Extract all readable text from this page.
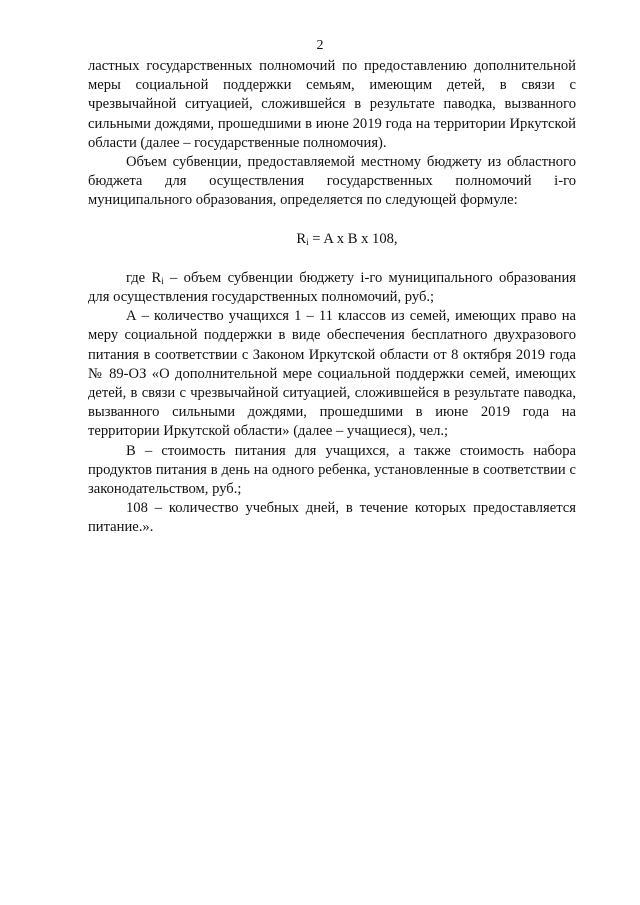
2

ластных государственных полномочий по предоставлению дополнительной меры социальной поддержки семьям, имеющим детей, в связи с чрезвычайной ситуацией, сложившейся в результате паводка, вызванного сильными дождями, прошедшими в июне 2019 года на территории Иркутской области (далее – государственные полномочия).

Объем субвенции, предоставляемой местному бюджету из областного бюджета для осуществления государственных полномочий i-го муниципального образования, определяется по следующей формуле:

$R_i = A$ x B x 108,

где $R_i$ – объем субвенции бюджету i-го муниципального образования для осуществления государственных полномочий, руб.;

А – количество учащихся 1 – 11 классов из семей, имеющих право на меру социальной поддержки в виде обеспечения бесплатного двухразового питания в соответствии с Законом Иркутской области от 8 октября 2019 года № 89-ОЗ «О дополнительной мере социальной поддержки семей, имеющих детей, в связи с чрезвычайной ситуацией, сложившейся в результате паводка, вызванного сильными дождями, прошедшими в июне 2019 года на территории Иркутской области» (далее – учащиеся), чел.;

В – стоимость питания для учащихся, а также стоимость набора продуктов питания в день на одного ребенка, установленные в соответствии с законодательством, руб.;

108 – количество учебных дней, в течение которых предоставляется питание.».
